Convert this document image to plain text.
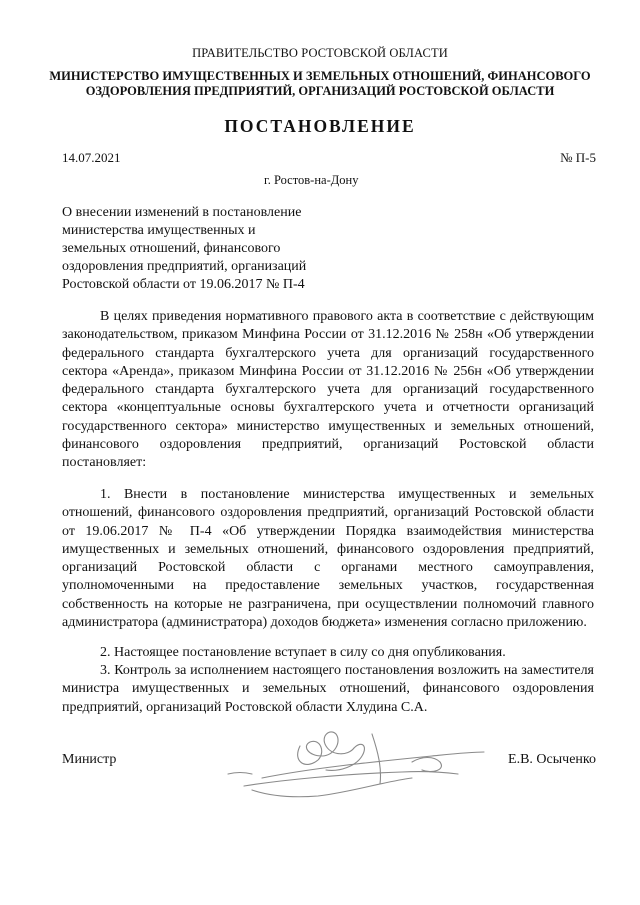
ПРАВИТЕЛЬСТВО РОСТОВСКОЙ ОБЛАСТИ
МИНИСТЕРСТВО ИМУЩЕСТВЕННЫХ И ЗЕМЕЛЬНЫХ ОТНОШЕНИЙ, ФИНАНСОВОГО
ОЗДОРОВЛЕНИЯ ПРЕДПРИЯТИЙ, ОРГАНИЗАЦИЙ РОСТОВСКОЙ ОБЛАСТИ
ПОСТАНОВЛЕНИЕ
14.07.2021	№ П-5
г. Ростов-на-Дону
О внесении изменений в постановление
министерства имущественных и
земельных отношений, финансового
оздоровления предприятий, организаций
Ростовской области от 19.06.2017 № П-4

В целях приведения нормативного правового акта в соответствие с действующим законодательством, приказом Минфина России от 31.12.2016 № 258н «Об утверждении федерального стандарта бухгалтерского учета для организаций государственного сектора «Аренда», приказом Минфина России от 31.12.2016 № 256н «Об утверждении федерального стандарта бухгалтерского учета для организаций государственного сектора «концептуальные основы бухгалтерского учета и отчетности организаций государственного сектора» министерство имущественных и земельных отношений, финансового оздоровления предприятий, организаций Ростовской области постановляет:

1. Внести в постановление министерства имущественных и земельных отношений, финансового оздоровления предприятий, организаций Ростовской области от 19.06.2017 № П-4 «Об утверждении Порядка взаимодействия министерства имущественных и земельных отношений, финансового оздоровления предприятий, организаций Ростовской области с органами местного самоуправления, уполномоченными на предоставление земельных участков, государственная собственность на которые не разграничена, при осуществлении полномочий главного администратора (администратора) доходов бюджета» изменения согласно приложению.

2. Настоящее постановление вступает в силу со дня опубликования.

3. Контроль за исполнением настоящего постановления возложить на заместителя министра имущественных и земельных отношений, финансового оздоровления предприятий, организаций Ростовской области Хлудина С.А.

Министр	Е.В. Осыченко
